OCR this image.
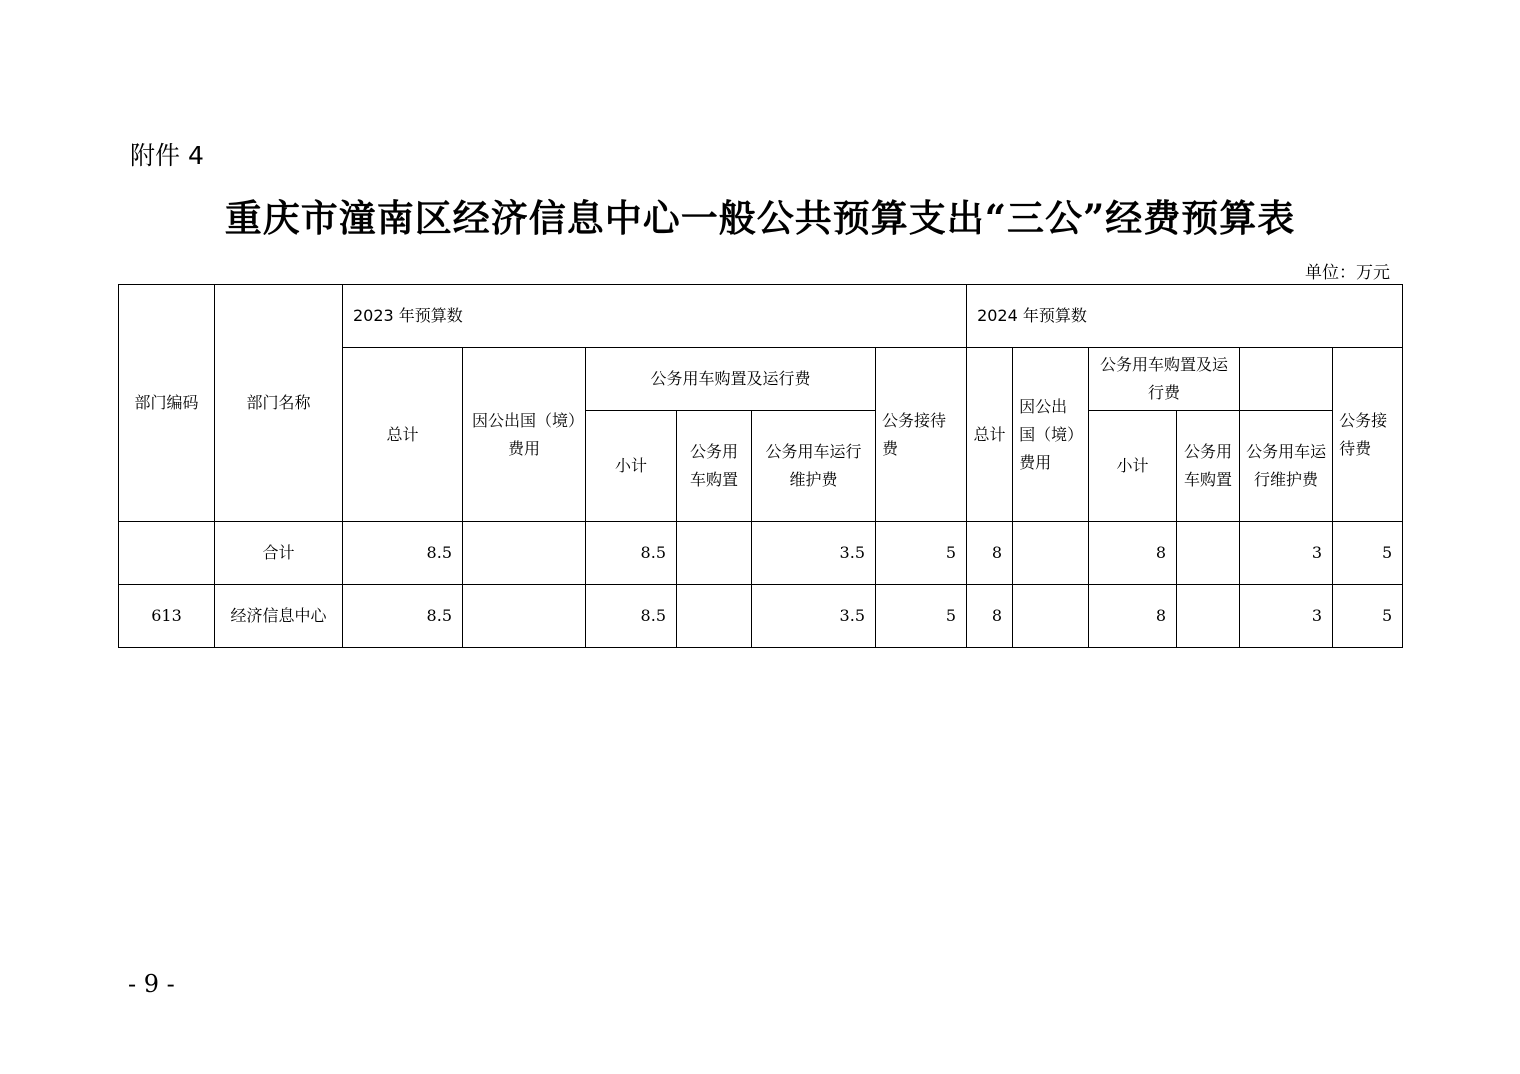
附件 4
重庆市潼南区经济信息中心一般公共预算支出“三公”经费预算表
单位：万元
部门编码	部门名称	2023 年预算数						2024 年预算数					
		总计	因公出国（境）费用	公务用车购置及运行费			公务接待费	总计	因公出国（境）费用	公务用车购置及运行费			公务接待费
				小计	公务用车购置	公务用车运行维护费				小计	公务用车购置	公务用车运行维护费	
	合计	8.5		8.5		3.5	5	8		8		3	5
613	经济信息中心	8.5		8.5		3.5	5	8		8		3	5
- 9 -
